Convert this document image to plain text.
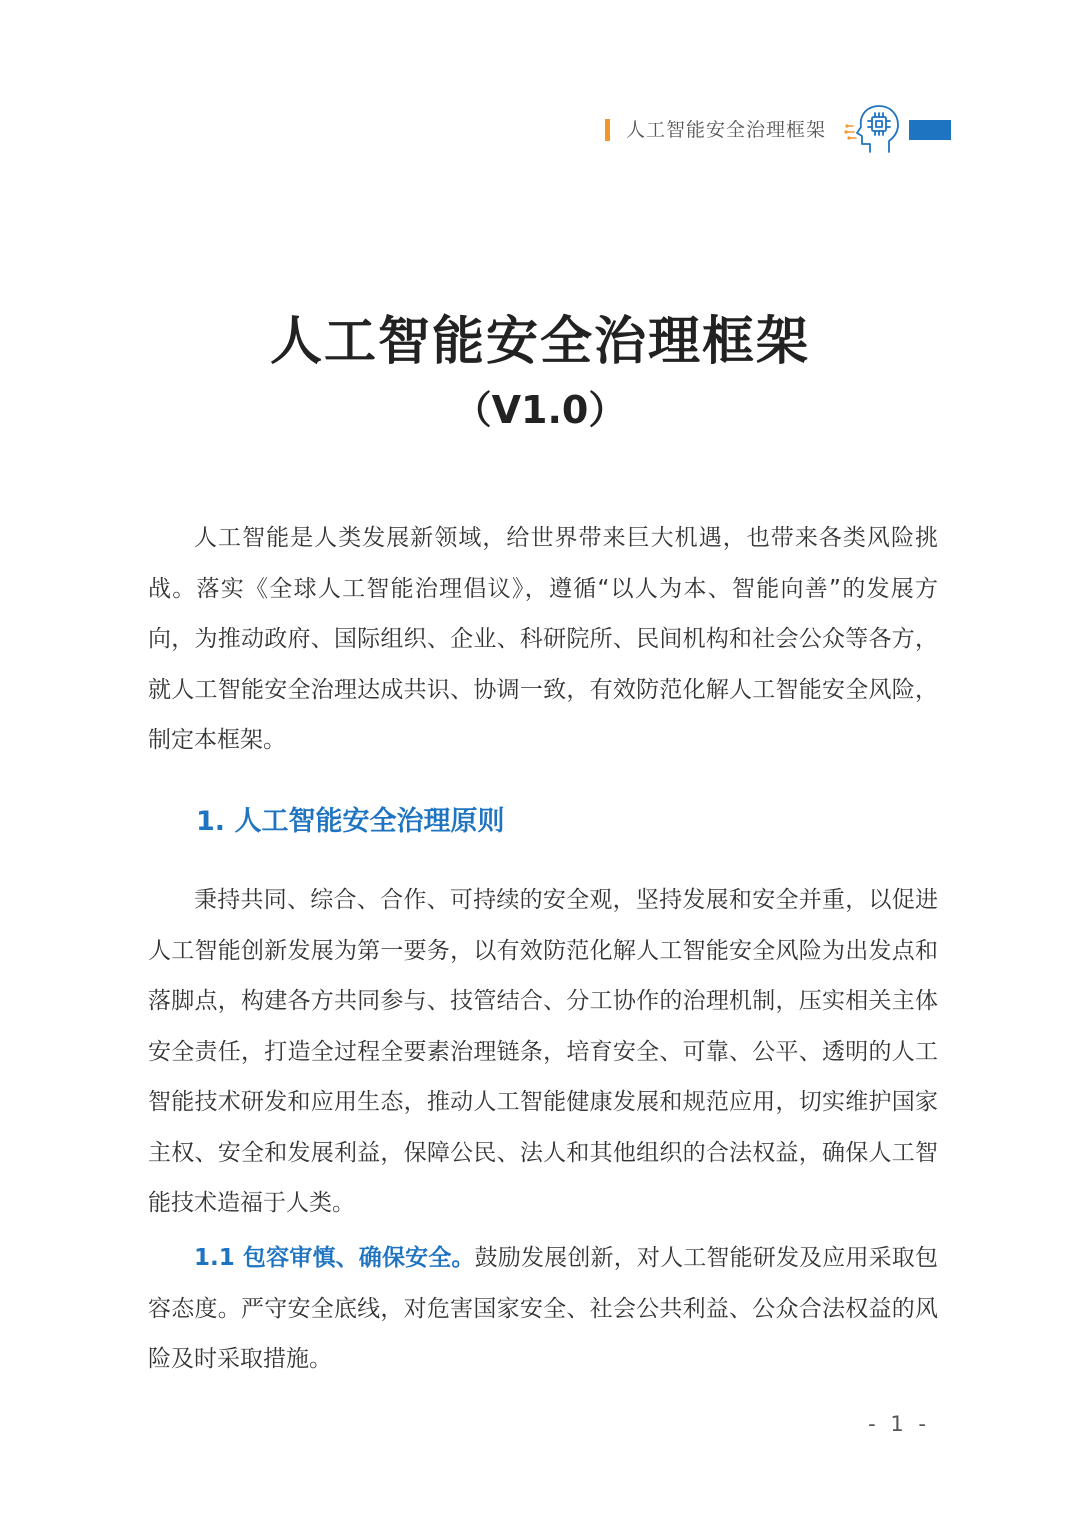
人工智能安全治理框架
人工智能安全治理框架
（V1.0）

人工智能是人类发展新领域，给世界带来巨大机遇，也带来各类风险挑战。落实《全球人工智能治理倡议》，遵循“以人为本、智能向善”的发展方向，为推动政府、国际组织、企业、科研院所、民间机构和社会公众等各方，就人工智能安全治理达成共识、协调一致，有效防范化解人工智能安全风险，制定本框架。

1. 人工智能安全治理原则

秉持共同、综合、合作、可持续的安全观，坚持发展和安全并重，以促进人工智能创新发展为第一要务，以有效防范化解人工智能安全风险为出发点和落脚点，构建各方共同参与、技管结合、分工协作的治理机制，压实相关主体安全责任，打造全过程全要素治理链条，培育安全、可靠、公平、透明的人工智能技术研发和应用生态，推动人工智能健康发展和规范应用，切实维护国家主权、安全和发展利益，保障公民、法人和其他组织的合法权益，确保人工智能技术造福于人类。

1.1 包容审慎、确保安全。鼓励发展创新，对人工智能研发及应用采取包容态度。严守安全底线，对危害国家安全、社会公共利益、公众合法权益的风险及时采取措施。

- 1 -
